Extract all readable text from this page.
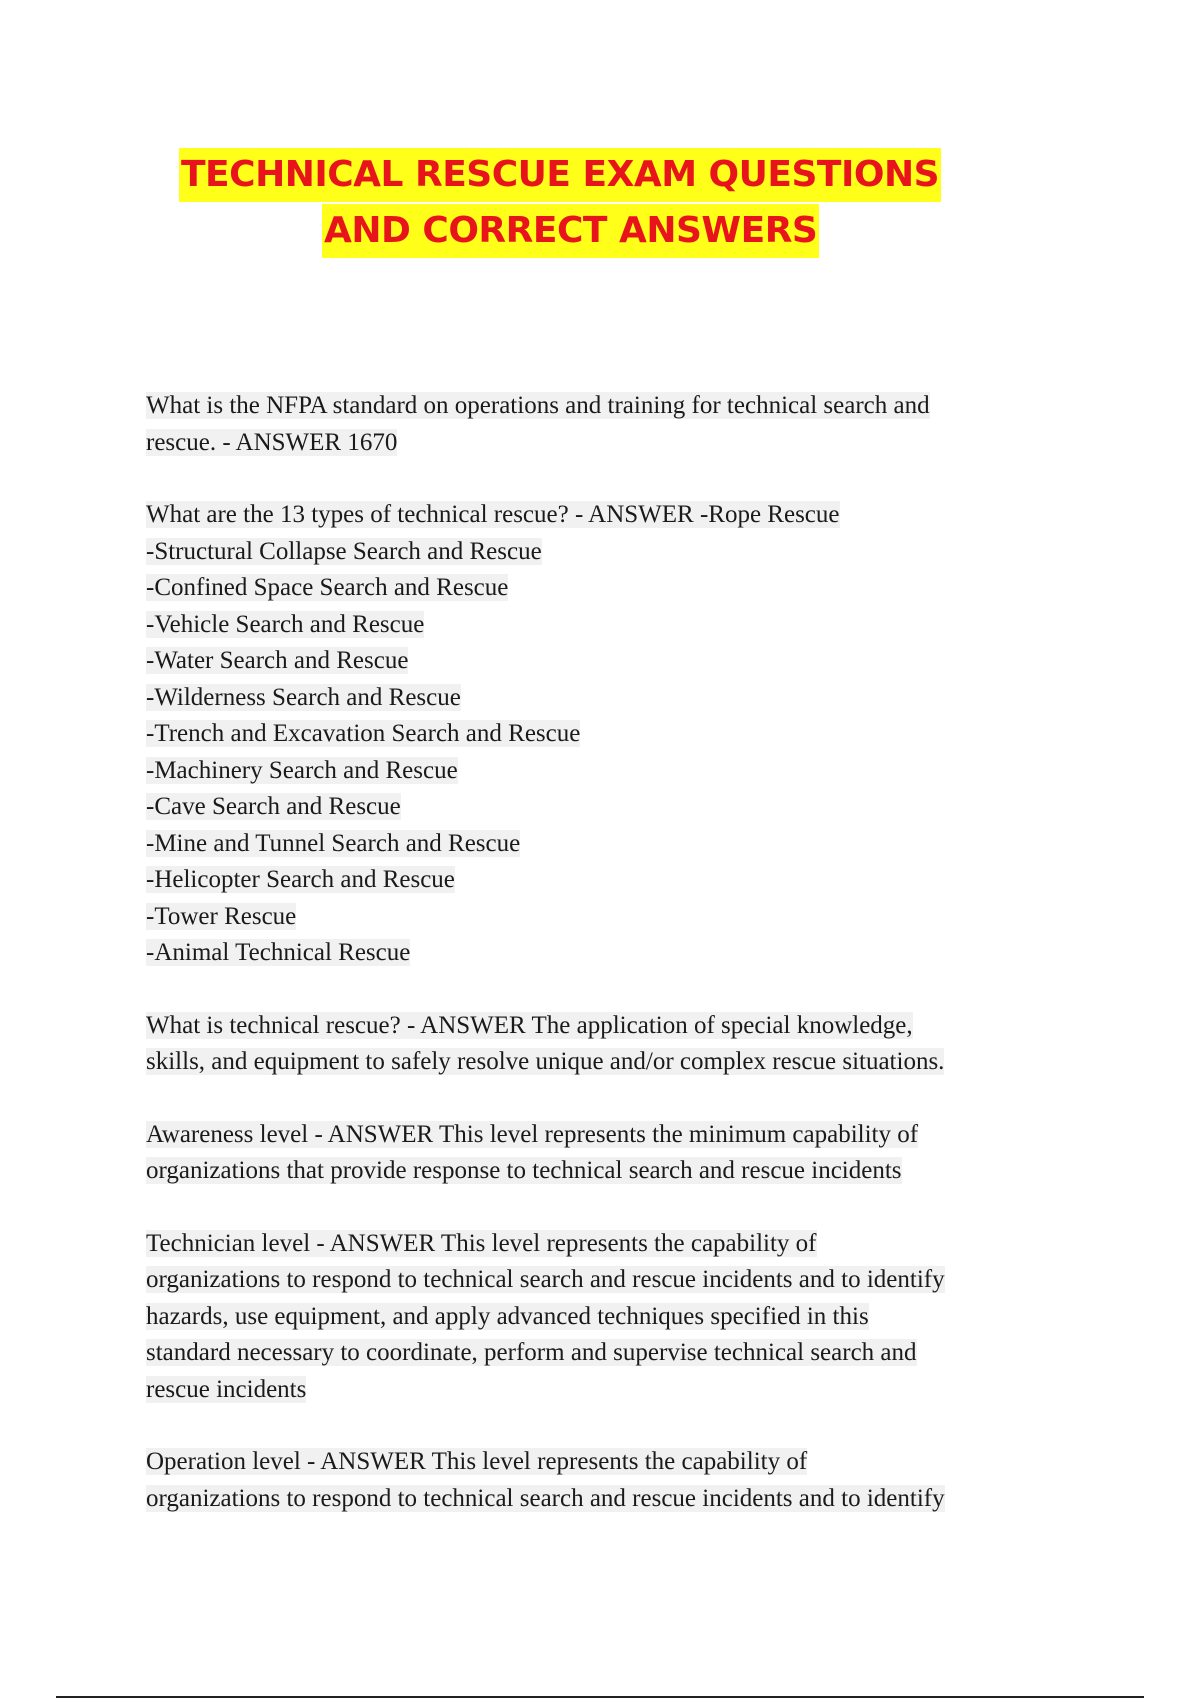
TECHNICAL RESCUE EXAM QUESTIONS
AND CORRECT ANSWERS
What is the NFPA standard on operations and training for technical search and
rescue. - ANSWER 1670
What are the 13 types of technical rescue? - ANSWER -Rope Rescue
-Structural Collapse Search and Rescue
-Confined Space Search and Rescue
-Vehicle Search and Rescue
-Water Search and Rescue
-Wilderness Search and Rescue
-Trench and Excavation Search and Rescue
-Machinery Search and Rescue
-Cave Search and Rescue
-Mine and Tunnel Search and Rescue
-Helicopter Search and Rescue
-Tower Rescue
-Animal Technical Rescue
What is technical rescue? - ANSWER The application of special knowledge,
skills, and equipment to safely resolve unique and/or complex rescue situations.
Awareness level - ANSWER This level represents the minimum capability of
organizations that provide response to technical search and rescue incidents
Technician level - ANSWER This level represents the capability of
organizations to respond to technical search and rescue incidents and to identify
hazards, use equipment, and apply advanced techniques specified in this
standard necessary to coordinate, perform and supervise technical search and
rescue incidents
Operation level - ANSWER This level represents the capability of
organizations to respond to technical search and rescue incidents and to identify
